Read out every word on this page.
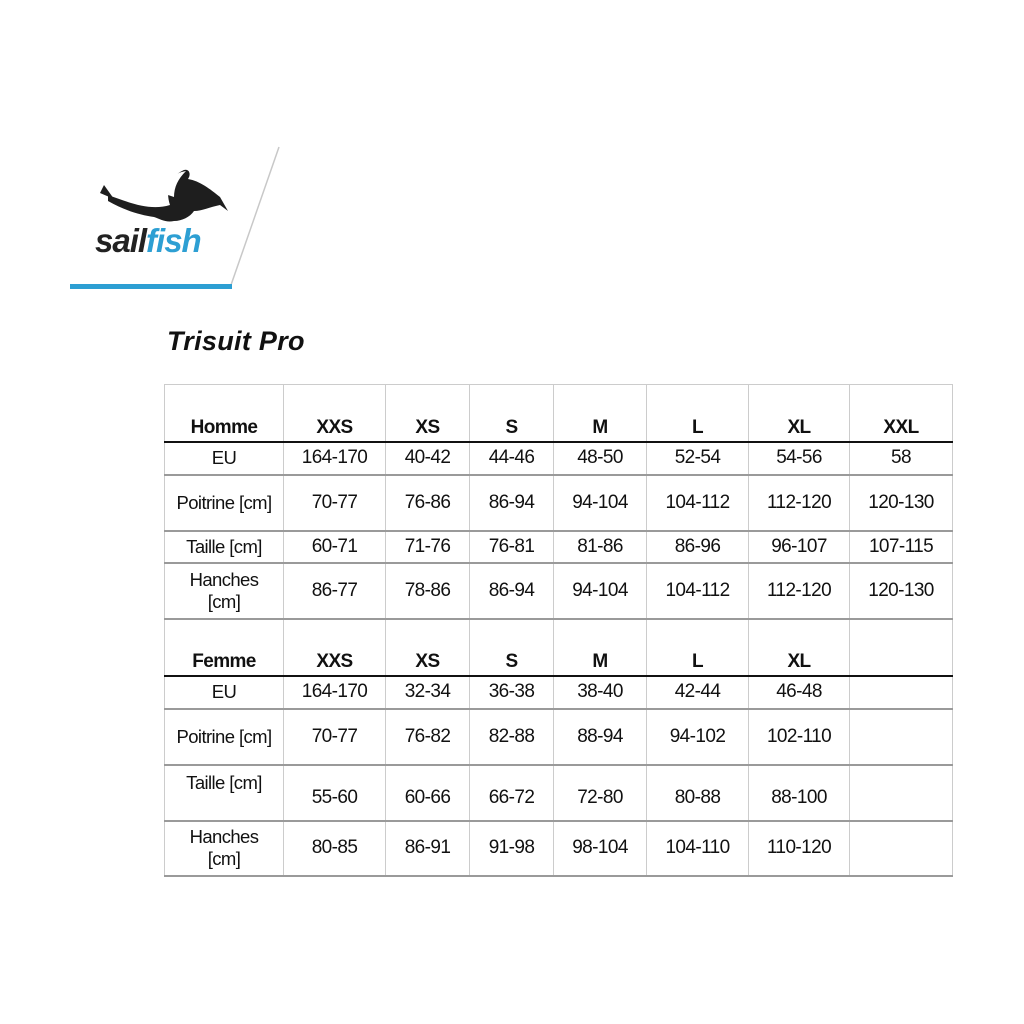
sailfish
Trisuit Pro
Homme	XXS	XS	S	M	L	XL	XXL

EU	164-170	40-42	44-46	48-50	52-54	54-56	58

Poitrine [cm]	70-77	76-86	86-94	94-104	104-112	112-120	120-130

Taille [cm]	60-71	71-76	76-81	81-86	86-96	96-107	107-115

Hanches [cm]	86-77	78-86	86-94	94-104	104-112	112-120	120-130
Femme	XXS	XS	S	M	L	XL	

EU	164-170	32-34	36-38	38-40	42-44	46-48	

Poitrine [cm]	70-77	76-82	82-88	88-94	94-102	102-110	

Taille [cm]	55-60	60-66	66-72	72-80	80-88	88-100	

Hanches [cm]	80-85	86-91	91-98	98-104	104-110	110-120	
